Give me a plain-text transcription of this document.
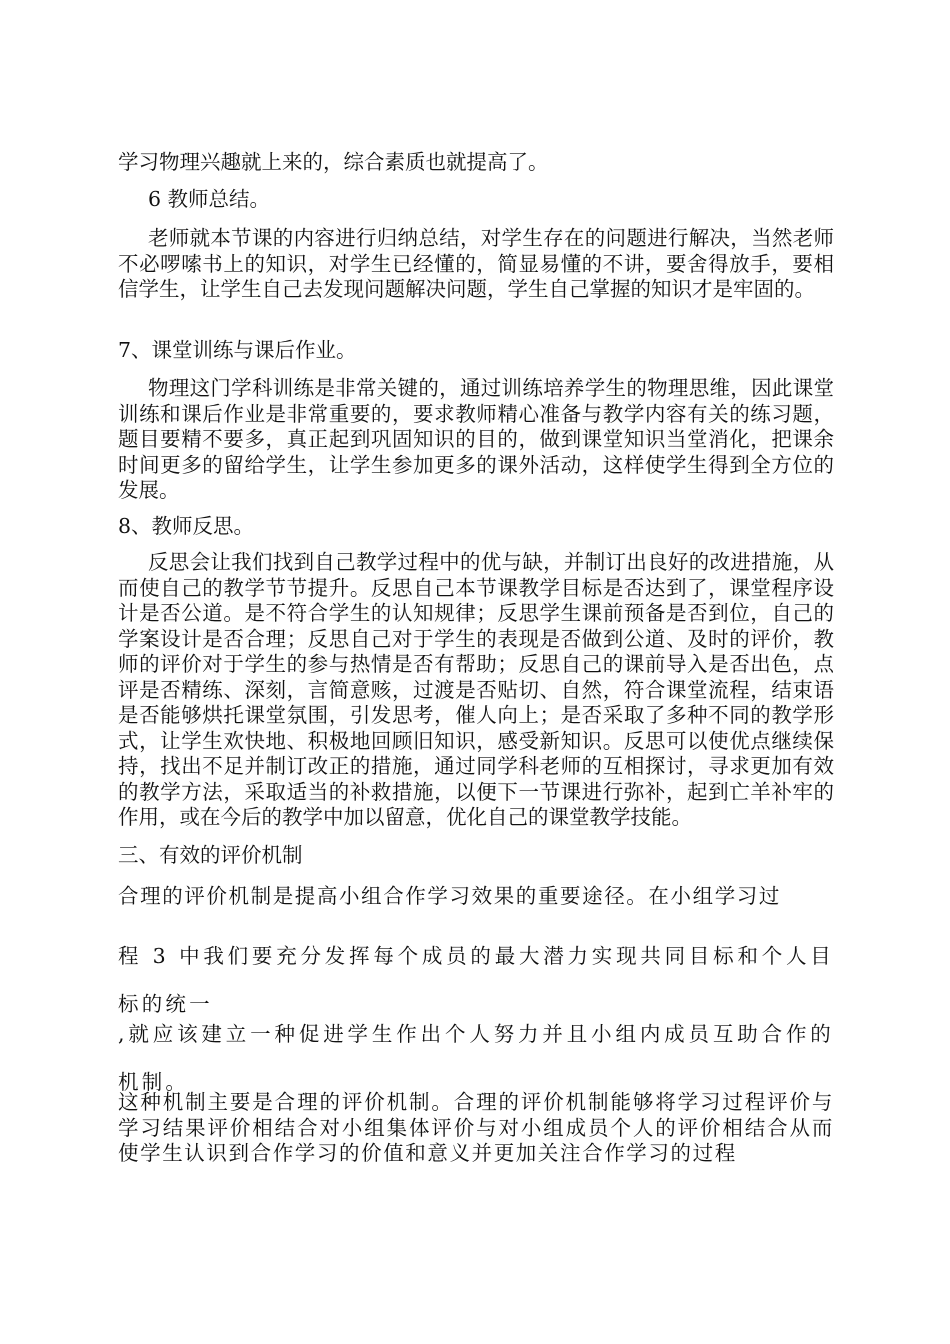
学习物理兴趣就上来的，综合素质也就提高了。

6 教师总结。

老师就本节课的内容进行归纳总结，对学生存在的问题进行解决，当然老师不必啰嗦书上的知识，对学生已经懂的，简显易懂的不讲，要舍得放手，要相信学生，让学生自己去发现问题解决问题，学生自己掌握的知识才是牢固的。

7、课堂训练与课后作业。

物理这门学科训练是非常关键的，通过训练培养学生的物理思维，因此课堂训练和课后作业是非常重要的，要求教师精心准备与教学内容有关的练习题，题目要精不要多，真正起到巩固知识的目的，做到课堂知识当堂消化，把课余时间更多的留给学生，让学生参加更多的课外活动，这样使学生得到全方位的发展。

8、教师反思。

反思会让我们找到自己教学过程中的优与缺，并制订出良好的改进措施，从而使自己的教学节节提升。反思自己本节课教学目标是否达到了，课堂程序设计是否公道。是不符合学生的认知规律；反思学生课前预备是否到位，自己的学案设计是否合理；反思自己对于学生的表现是否做到公道、及时的评价，教师的评价对于学生的参与热情是否有帮助；反思自己的课前导入是否出色，点评是否精练、深刻，言简意赅，过渡是否贴切、自然，符合课堂流程，结束语是否能够烘托课堂氛围，引发思考，催人向上；是否采取了多种不同的教学形式，让学生欢快地、积极地回顾旧知识，感受新知识。反思可以使优点继续保持，找出不足并制订改正的措施，通过同学科老师的互相探讨，寻求更加有效的教学方法，采取适当的补救措施，以便下一节课进行弥补，起到亡羊补牢的作用，或在今后的教学中加以留意，优化自己的课堂教学技能。

三、有效的评价机制

合理的评价机制是提高小组合作学习效果的重要途径。在小组学习过

程 3 中我们要充分发挥每个成员的最大潜力实现共同目标和个人目标的统一

,就应该建立一种促进学生作出个人努力并且小组内成员互助合作的机制。

这种机制主要是合理的评价机制。合理的评价机制能够将学习过程评价与学习结果评价相结合对小组集体评价与对小组成员个人的评价相结合从而使学生认识到合作学习的价值和意义并更加关注合作学习的过程
